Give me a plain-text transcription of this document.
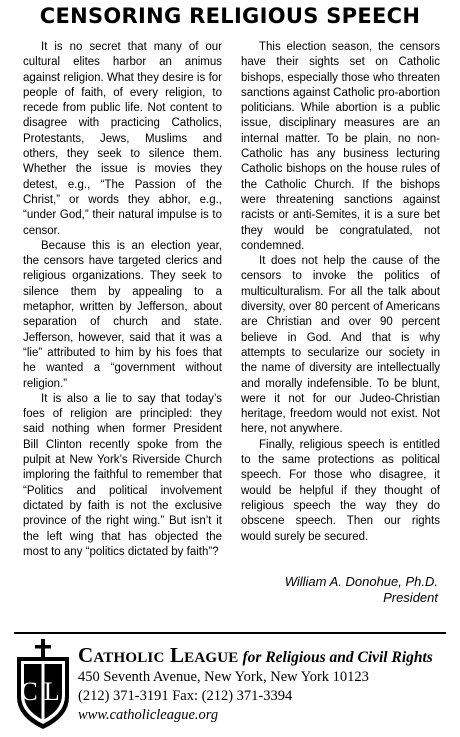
CENSORING RELIGIOUS SPEECH

It is no secret that many of our cultural elites harbor an animus against religion. What they desire is for people of faith, of every religion, to recede from public life. Not content to disagree with practicing Catholics, Protestants, Jews, Muslims and others, they seek to silence them. Whether the issue is movies they detest, e.g., “The Passion of the Christ,” or words they abhor, e.g., “under God,” their natural impulse is to censor.

Because this is an election year, the censors have targeted clerics and religious organizations. They seek to silence them by appealing to a metaphor, written by Jefferson, about separation of church and state. Jefferson, however, said that it was a “lie” attributed to him by his foes that he wanted a “government without religion.”

It is also a lie to say that today’s foes of religion are principled: they said nothing when former President Bill Clinton recently spoke from the pulpit at New York’s Riverside Church imploring the faithful to remember that “Politics and political involvement dictated by faith is not the exclusive province of the right wing.” But isn’t it the left wing that has objected the most to any “politics dictated by faith”?

This election season, the censors have their sights set on Catholic bishops, especially those who threaten sanctions against Catholic pro-abortion politicians. While abortion is a public issue, disciplinary measures are an internal matter. To be plain, no non-Catholic has any business lecturing Catholic bishops on the house rules of the Catholic Church. If the bishops were threatening sanctions against racists or anti-Semites, it is a sure bet they would be congratulated, not condemned.

It does not help the cause of the censors to invoke the politics of multiculturalism. For all the talk about diversity, over 80 percent of Americans are Christian and over 90 percent believe in God. And that is why attempts to secularize our society in the name of diversity are intellectually and morally indefensible. To be blunt, were it not for our Judeo-Christian heritage, freedom would not exist. Not here, not anywhere.

Finally, religious speech is entitled to the same protections as political speech. For those who disagree, it would be helpful if they thought of religious speech the way they do obscene speech. Then our rights would surely be secured.

William A. Donohue, Ph.D.
President
CL
Catholic League for Religious and Civil Rights
450 Seventh Avenue, New York, New York 10123
(212) 371-3191 Fax: (212) 371-3394
www.catholicleague.org
